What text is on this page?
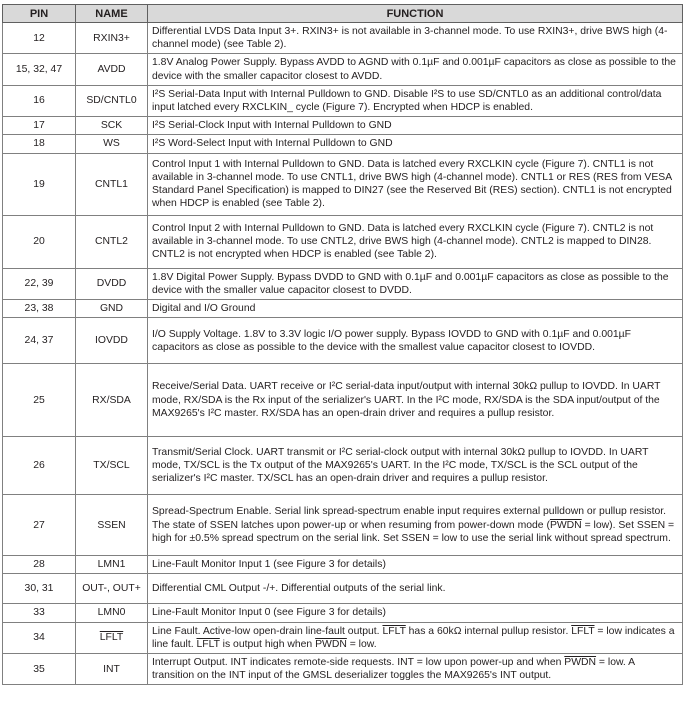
PIN	NAME	FUNCTION
12	RXIN3+	Differential LVDS Data Input 3+. RXIN3+ is not available in 3-channel mode. To use RXIN3+, drive BWS high (4-channel mode) (see Table 2).
15, 32, 47	AVDD	1.8V Analog Power Supply. Bypass AVDD to AGND with 0.1µF and 0.001µF capacitors as close as possible to the device with the smaller capacitor closest to AVDD.
16	SD/CNTL0	I²S Serial-Data Input with Internal Pulldown to GND. Disable I²S to use SD/CNTL0 as an additional control/data input latched every RXCLKIN_ cycle (Figure 7). Encrypted when HDCP is enabled.
17	SCK	I²S Serial-Clock Input with Internal Pulldown to GND
18	WS	I²S Word-Select Input with Internal Pulldown to GND
19	CNTL1	Control Input 1 with Internal Pulldown to GND. Data is latched every RXCLKIN cycle (Figure 7). CNTL1 is not available in 3-channel mode. To use CNTL1, drive BWS high (4-channel mode). CNTL1 or RES (RES from VESA Standard Panel Specification) is mapped to DIN27 (see the Reserved Bit (RES) section). CNTL1 is not encrypted when HDCP is enabled (see Table 2).
20	CNTL2	Control Input 2 with Internal Pulldown to GND. Data is latched every RXCLKIN cycle (Figure 7). CNTL2 is not available in 3-channel mode. To use CNTL2, drive BWS high (4-channel mode). CNTL2 is mapped to DIN28. CNTL2 is not encrypted when HDCP is enabled (see Table 2).
22, 39	DVDD	1.8V Digital Power Supply. Bypass DVDD to GND with 0.1µF and 0.001µF capacitors as close as possible to the device with the smaller value capacitor closest to DVDD.
23, 38	GND	Digital and I/O Ground
24, 37	IOVDD	I/O Supply Voltage. 1.8V to 3.3V logic I/O power supply. Bypass IOVDD to GND with 0.1µF and 0.001µF capacitors as close as possible to the device with the smallest value capacitor closest to IOVDD.
25	RX/SDA	Receive/Serial Data. UART receive or I²C serial-data input/output with internal 30kΩ pullup to IOVDD. In UART mode, RX/SDA is the Rx input of the serializer's UART. In the I²C mode, RX/SDA is the SDA input/output of the MAX9265's I²C master. RX/SDA has an open-drain driver and requires a pullup resistor.
26	TX/SCL	Transmit/Serial Clock. UART transmit or I²C serial-clock output with internal 30kΩ pullup to IOVDD. In UART mode, TX/SCL is the Tx output of the MAX9265's UART. In the I²C mode, TX/SCL is the SCL output of the serializer's I²C master. TX/SCL has an open-drain driver and requires a pullup resistor.
27	SSEN	Spread-Spectrum Enable. Serial link spread-spectrum enable input requires external pulldown or pullup resistor. The state of SSEN latches upon power-up or when resuming from power-down mode (PWDN = low). Set SSEN = high for ±0.5% spread spectrum on the serial link. Set SSEN = low to use the serial link without spread spectrum.
28	LMN1	Line-Fault Monitor Input 1 (see Figure 3 for details)
30, 31	OUT-, OUT+	Differential CML Output -/+. Differential outputs of the serial link.
33	LMN0	Line-Fault Monitor Input 0 (see Figure 3 for details)
34	LFLT	Line Fault. Active-low open-drain line-fault output. LFLT has a 60kΩ internal pullup resistor. LFLT = low indicates a line fault. LFLT is output high when PWDN = low.
35	INT	Interrupt Output. INT indicates remote-side requests. INT = low upon power-up and when PWDN = low. A transition on the INT input of the GMSL deserializer toggles the MAX9265's INT output.
